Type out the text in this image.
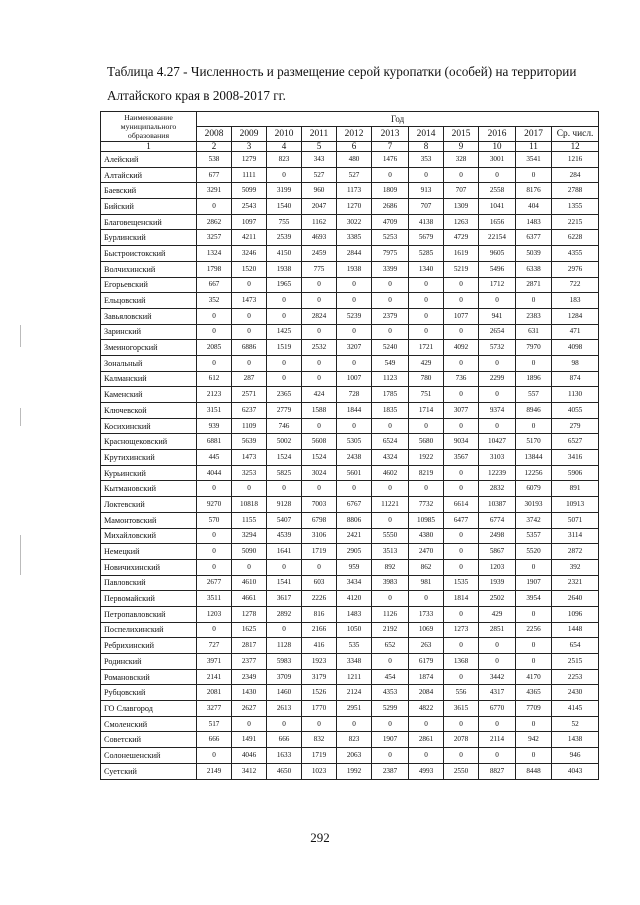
Таблица 4.27 - Численность и размещение серой куропатки (особей) на территории
Алтайского края в 2008-2017 гг.
Наименование муниципального образования	Год										
	2008	2009	2010	2011	2012	2013	2014	2015	2016	2017	Ср. числ.
1	2	3	4	5	6	7	8	9	10	11	12
Алейский	538	1279	823	343	480	1476	353	328	3001	3541	1216
Алтайский	677	1111	0	527	527	0	0	0	0	0	284
Баевский	3291	5099	3199	960	1173	1809	913	707	2558	8176	2788
Бийский	0	2543	1540	2047	1270	2686	707	1309	1041	404	1355
Благовещенский	2862	1097	755	1162	3022	4709	4138	1263	1656	1483	2215
Бурлинский	3257	4211	2539	4693	3385	5253	5679	4729	22154	6377	6228
Быстроистокский	1324	3246	4150	2459	2844	7975	5285	1619	9605	5039	4355
Волчихинский	1798	1520	1938	775	1938	3399	1340	5219	5496	6338	2976
Егорьевский	667	0	1965	0	0	0	0	0	1712	2871	722
Ельцовский	352	1473	0	0	0	0	0	0	0	0	183
Завьяловский	0	0	0	2824	5239	2379	0	1077	941	2383	1284
Заринский	0	0	1425	0	0	0	0	0	2654	631	471
Змеиногорский	2085	6886	1519	2532	3207	5240	1721	4092	5732	7970	4098
Зональный	0	0	0	0	0	549	429	0	0	0	98
Калманский	612	287	0	0	1007	1123	780	736	2299	1896	874
Каменский	2123	2571	2365	424	728	1785	751	0	0	557	1130
Ключевской	3151	6237	2779	1588	1844	1835	1714	3077	9374	8946	4055
Косихинский	939	1109	746	0	0	0	0	0	0	0	279
Краснощековский	6881	5639	5002	5608	5305	6524	5680	9034	10427	5170	6527
Крутихинский	445	1473	1524	1524	2438	4324	1922	3567	3103	13844	3416
Курьинский	4044	3253	5825	3024	5601	4602	8219	0	12239	12256	5906
Кытмановский	0	0	0	0	0	0	0	0	2832	6079	891
Локтевский	9270	10818	9128	7003	6767	11221	7732	6614	10387	30193	10913
Мамонтовский	570	1155	5407	6798	8806	0	10985	6477	6774	3742	5071
Михайловский	0	3294	4539	3106	2421	5550	4380	0	2498	5357	3114
Немецкий	0	5090	1641	1719	2905	3513	2470	0	5867	5520	2872
Новичихинский	0	0	0	0	959	892	862	0	1203	0	392
Павловский	2677	4610	1541	603	3434	3983	981	1535	1939	1907	2321
Первомайский	3511	4661	3617	2226	4120	0	0	1814	2502	3954	2640
Петропавловский	1203	1278	2892	816	1483	1126	1733	0	429	0	1096
Поспелихинский	0	1625	0	2166	1050	2192	1069	1273	2851	2256	1448
Ребрихинский	727	2817	1128	416	535	652	263	0	0	0	654
Родинский	3971	2377	5983	1923	3348	0	6179	1368	0	0	2515
Романовский	2141	2349	3709	3179	1211	454	1874	0	3442	4170	2253
Рубцовский	2081	1430	1460	1526	2124	4353	2084	556	4317	4365	2430
ГО Славгород	3277	2627	2613	1770	2951	5299	4822	3615	6770	7709	4145
Смоленский	517	0	0	0	0	0	0	0	0	0	52
Советский	666	1491	666	832	823	1907	2861	2078	2114	942	1438
Солонешенский	0	4046	1633	1719	2063	0	0	0	0	0	946
Суетский	2149	3412	4650	1023	1992	2387	4993	2550	8827	8448	4043
292
